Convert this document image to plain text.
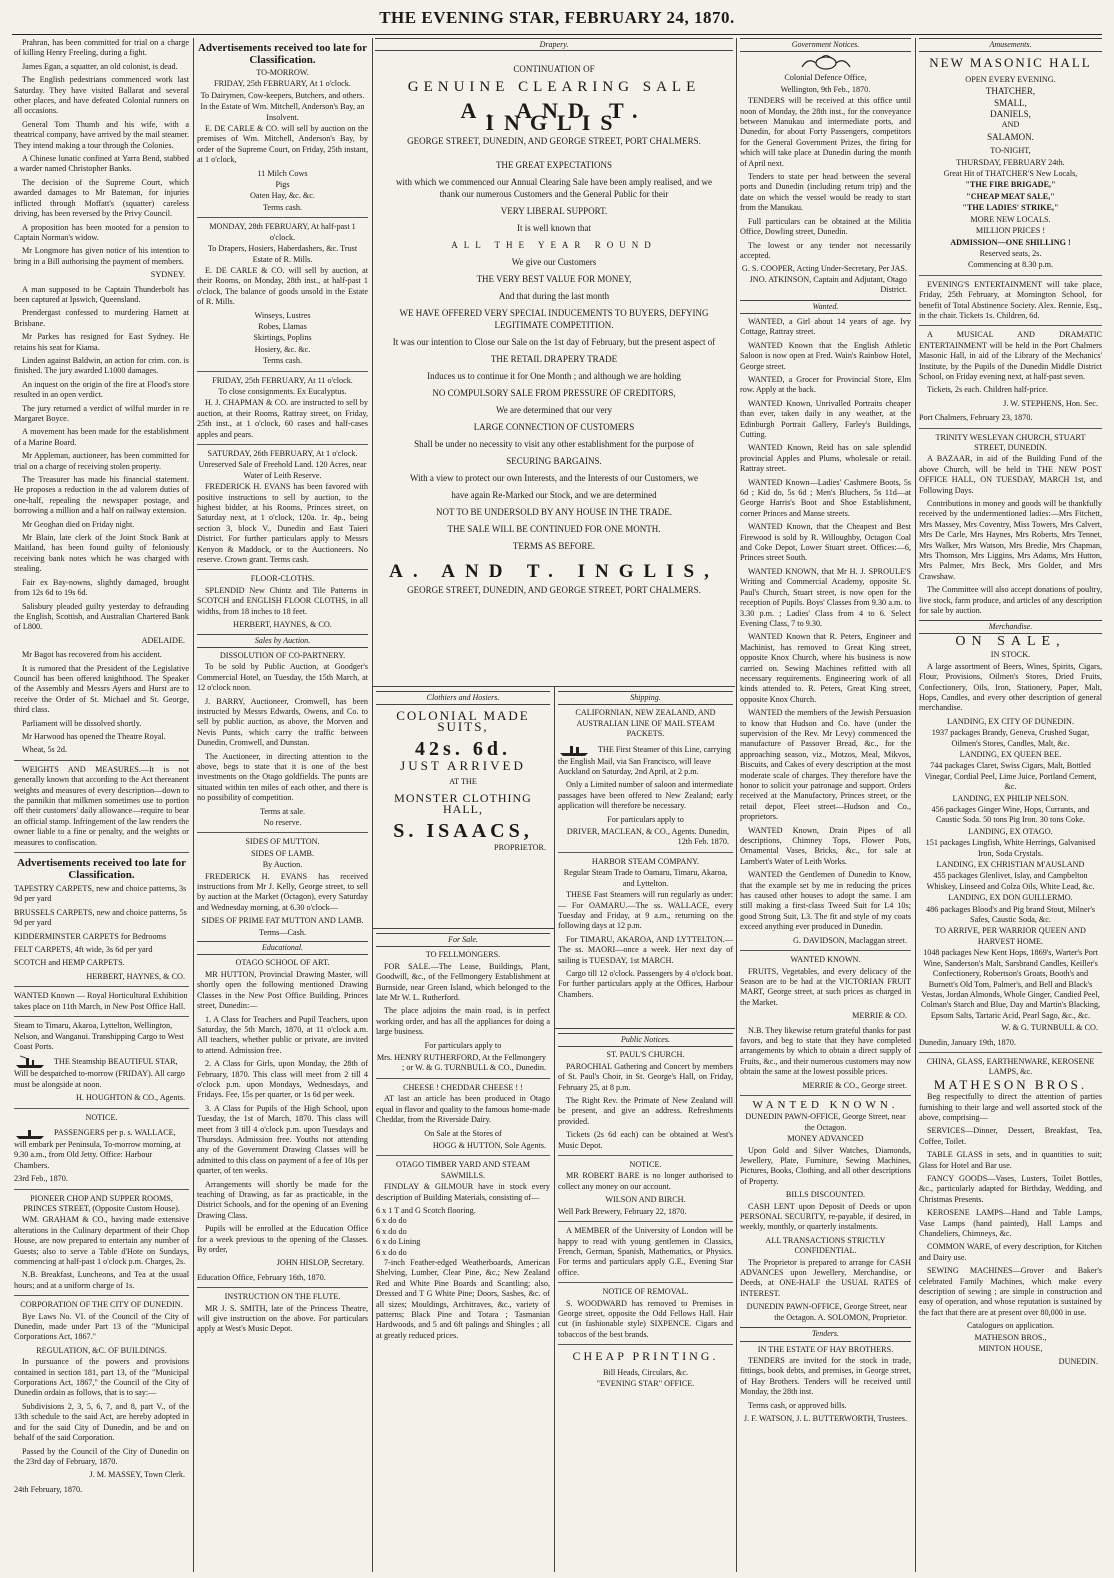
THE EVENING STAR, FEBRUARY 24, 1870.

Prahran, has been committed for trial on a charge of killing Henry Freeling, during a fight.

James Egan, a squatter, an old colonist, is dead.

The English pedestrians commenced work last Saturday. They have visited Ballarat and several other places, and have defeated Colonial runners on all occasions.

General Tom Thumb and his wife, with a theatrical company, have arrived by the mail steamer. They intend making a tour through the Colonies.

A Chinese lunatic confined at Yarra Bend, stabbed a warder named Christopher Banks.

The decision of the Supreme Court, which awarded damages to Mr Bateman, for injuries inflicted through Moffatt's (squatter) careless driving, has been reversed by the Privy Council.

A proposition has been mooted for a pension to Captain Norman's widow.

Mr Longmore has given notice of his intention to bring in a Bill authorising the payment of members.

SYDNEY.

A man supposed to be Captain Thunderbolt has been captured at Ipswich, Queensland.

Prendergast confessed to murdering Harnett at Brisbane.

Mr Parkes has resigned for East Sydney. He retains his seat for Kiama.

Linden against Baldwin, an action for crim. con. is finished. The jury awarded L1000 damages.

An inquest on the origin of the fire at Flood's store resulted in an open verdict.

The jury returned a verdict of wilful murder in re Margaret Boyce.

A movement has been made for the establishment of a Marine Board.

Mr Appleman, auctioneer, has been committed for trial on a charge of receiving stolen property.

The Treasurer has made his financial statement. He proposes a reduction in the ad valorem duties of one-half, repealing the newspaper postage, and borrowing a million and a half on railway extension.

Mr Geoghan died on Friday night.

Mr Blain, late clerk of the Joint Stock Bank at Maitland, has been found guilty of feloniously receiving bank notes which he was charged with stealing.

Fair ex Bay-nowns, slightly damaged, brought from 12s 6d to 19s 6d.

Salisbury pleaded guilty yesterday to defrauding the English, Scottish, and Australian Chartered Bank of L800.

ADELAIDE.

Mr Bagot has recovered from his accident.

It is rumored that the President of the Legislative Council has been offered knighthood. The Speaker of the Assembly and Messrs Ayers and Hurst are to receive the Order of St. Michael and St. George, third class.

Parliament will be dissolved shortly.

Mr Harwood has opened the Theatre Royal.

Wheat, 5s 2d.

WEIGHTS AND MEASURES.—It is not generally known that according to the Act thereanent weights and measures of every description—down to the pannikin that milkmen sometimes use to portion off their customers' daily allowance—require to bear an official stamp. Infringement of the law renders the owner liable to a fine or penalty, and the weights or measures to confiscation.

Advertisements received too late for Classification.
TAPESTRY CARPETS, new and choice patterns, 3s 9d per yard
BRUSSELS CARPETS, new and choice patterns, 5s 9d per yard
KIDDERMINSTER CARPETS for Bedrooms
FELT CARPETS, 4ft wide, 3s 6d per yard
SCOTCH and HEMP CARPETS.
HERBERT, HAYNES, & CO.
WANTED Known — Royal Horticultural Exhibition takes place on 11th March, in New Post Office Hall.
Steam to Timaru, Akaroa, Lyttelton, Wellington, Nelson, and Wanganui. Transhipping Cargo to West Coast Ports.
THE Steamship BEAUTIFUL STAR, Will be despatched to-morrow (FRIDAY). All cargo must be alongside at noon.
H. HOUGHTON & CO., Agents.
NOTICE.
PASSENGERS per p. s. WALLACE, will embark per Peninsula, To-morrow morning, at 9.30 a.m., from Old Jetty. Office: Harbour Chambers.
23rd Feb., 1870.
PIONEER CHOP AND SUPPER ROOMS, PRINCES STREET, (Opposite Custom House).

WM. GRAHAM & CO., having made extensive alterations in the Culinary department of their Chop House, are now prepared to entertain any number of Guests; also to serve a Table d'Hote on Sundays, commencing at half-past 1 o'clock p.m. Charges, 2s.

N.B. Breakfast, Luncheons, and Tea at the usual hours; and at a uniform charge of 1s.

CORPORATION OF THE CITY OF DUNEDIN.

Bye Laws No. VI. of the Council of the City of Dunedin, made under Part 13 of the "Municipal Corporations Act, 1867."

REGULATION, &C. OF BUILDINGS.

In pursuance of the powers and provisions contained in section 181, part 13, of the "Municipal Corporations Act, 1867," the Council of the City of Dunedin ordain as follows, that is to say:—

Subdivisions 2, 3, 5, 6, 7, and 8, part V., of the 13th schedule to the said Act, are hereby adopted in and for the said City of Dunedin, and be and on behalf of the said Corporation.

Passed by the Council of the City of Dunedin on the 23rd day of February, 1870.

J. M. MASSEY, Town Clerk.
24th February, 1870.
Advertisements received too late for Classification.
TO-MORROW.
FRIDAY, 25th FEBRUARY, At 1 o'clock.
To Dairymen, Cow-keepers, Butchers, and others.
In the Estate of Wm. Mitchell, Anderson's Bay, an Insolvent.

E. DE CARLE & CO. will sell by auction on the premises of Wm. Mitchell, Anderson's Bay, by order of the Supreme Court, on Friday, 25th instant, at 1 o'clock,

11 Milch Cows
Pigs
Oaten Hay, &c. &c.
Terms cash.
MONDAY, 28th FEBRUARY, At half-past 1 o'clock.
To Drapers, Hosiers, Haberdashers, &c. Trust Estate of R. Mills.

E. DE CARLE & CO. will sell by auction, at their Rooms, on Monday, 28th inst., at half-past 1 o'clock, The balance of goods unsold in the Estate of R. Mills.

Winseys, Lustres
Robes, Llamas
Skirtings, Poplins
Hosiery, &c. &c.
Terms cash.
FRIDAY, 25th FEBRUARY, At 11 o'clock.
To close consignments. Ex Eucalyptus.

H. J. CHAPMAN & CO. are instructed to sell by auction, at their Rooms, Rattray street, on Friday, 25th inst., at 1 o'clock, 60 cases and half-cases apples and pears.

SATURDAY, 26th FEBRUARY, At 1 o'clock.
Unreserved Sale of Freehold Land. 120 Acres, near Water of Leith Reserve.

FREDERICK H. EVANS has been favored with positive instructions to sell by auction, to the highest bidder, at his Rooms, Princes street, on Saturday next, at 1 o'clock, 120a. 1r. 4p., being section 3, block V., Dunedin and East Taieri District. For further particulars apply to Messrs Kenyon & Maddock, or to the Auctioneers. No reserve. Crown grant. Terms cash.

FLOOR-CLOTHS.

SPLENDID New Chintz and Tile Patterns in SCOTCH and ENGLISH FLOOR CLOTHS, in all widths, from 18 inches to 18 feet.

HERBERT, HAYNES, & CO.
Sales by Auction.
DISSOLUTION OF CO-PARTNERY.

To be sold by Public Auction, at Goodger's Commercial Hotel, on Tuesday, the 15th March, at 12 o'clock noon.

J. BARRY, Auctioneer, Cromwell, has been instructed by Messrs Edwards, Owens, and Co. to sell by public auction, as above, the Morven and Nevis Punts, which carry the traffic between Dunedin, Cromwell, and Dunstan.

The Auctioneer, in directing attention to the above, begs to state that it is one of the best investments on the Otago goldfields. The punts are situated within ten miles of each other, and there is no possibility of competition.

Terms at sale.
No reserve.
SIDES OF MUTTON.
SIDES OF LAMB.
By Auction.

FREDERICK H. EVANS has received instructions from Mr J. Kelly, George street, to sell by auction at the Market (Octagon), every Saturday and Wednesday morning, at 6.30 o'clock—

SIDES OF PRIME FAT MUTTON AND LAMB.
Terms—Cash.
Educational.
OTAGO SCHOOL OF ART.

MR HUTTON, Provincial Drawing Master, will shortly open the following mentioned Drawing Classes in the New Post Office Building, Princes street, Dunedin:—

1. A Class for Teachers and Pupil Teachers, upon Saturday, the 5th March, 1870, at 11 o'clock a.m. All teachers, whether public or private, are invited to attend. Admission free.

2. A Class for Girls, upon Monday, the 28th of February, 1870. This class will meet from 2 till 4 o'clock p.m. upon Mondays, Wednesdays, and Fridays. Fee, 15s per quarter, or 1s 6d per week.

3. A Class for Pupils of the High School, upon Tuesday, the 1st of March, 1870. This class will meet from 3 till 4 o'clock p.m. upon Tuesdays and Thursdays. Admission free. Youths not attending any of the Government Drawing Classes will be admitted to this class on payment of a fee of 10s per quarter, of ten weeks.

Arrangements will shortly be made for the teaching of Drawing, as far as practicable, in the District Schools, and for the opening of an Evening Drawing Class.

Pupils will be enrolled at the Education Office for a week previous to the opening of the Classes. By order,

JOHN HISLOP, Secretary.
Education Office, February 16th, 1870.
INSTRUCTION ON THE FLUTE.

MR J. S. SMITH, late of the Princess Theatre, will give instruction on the above. For particulars apply at West's Music Depot.

Drapery.

CONTINUATION OF

GENUINE CLEARING SALE
A. AND T. INGLIS

GEORGE STREET, DUNEDIN, AND GEORGE STREET, PORT CHALMERS.

THE GREAT EXPECTATIONS

with which we commenced our Annual Clearing Sale have been amply realised, and we thank our numerous Customers and the General Public for their

VERY LIBERAL SUPPORT.

It is well known that

ALL THE YEAR ROUND

We give our Customers

THE VERY BEST VALUE FOR MONEY,

And that during the last month

WE HAVE OFFERED VERY SPECIAL INDUCEMENTS TO BUYERS, DEFYING LEGITIMATE COMPETITION.

It was our intention to Close our Sale on the 1st day of February, but the present aspect of

THE RETAIL DRAPERY TRADE

Induces us to continue it for One Month ; and although we are holding

NO COMPULSORY SALE FROM PRESSURE OF CREDITORS,

We are determined that our very

LARGE CONNECTION OF CUSTOMERS

Shall be under no necessity to visit any other establishment for the purpose of

SECURING BARGAINS.

With a view to protect our own Interests, and the Interests of our Customers, we

have again Re-Marked our Stock, and we are determined

NOT TO BE UNDERSOLD BY ANY HOUSE IN THE TRADE.

THE SALE WILL BE CONTINUED FOR ONE MONTH.

TERMS AS BEFORE.

A. AND T. INGLIS,

GEORGE STREET, DUNEDIN, AND GEORGE STREET, PORT CHALMERS.

Clothiers and Hosiers.
COLONIAL MADE SUITS,
42s. 6d.
JUST ARRIVED
AT THE
MONSTER CLOTHING HALL,
S. ISAACS,
PROPRIETOR.
Shipping.
CALIFORNIAN, NEW ZEALAND, AND AUSTRALIAN LINE OF MAIL STEAM PACKETS.
THE First Steamer of this Line, carrying the English Mail, via San Francisco, will leave Auckland on Saturday, 2nd April, at 2 p.m.

Only a Limited number of saloon and intermediate passages have been offered to New Zealand; early application will therefore be necessary.

For particulars apply to
DRIVER, MACLEAN, & CO., Agents. Dunedin, 12th Feb. 1870.
HARBOR STEAM COMPANY.
Regular Steam Trade to Oamaru, Timaru, Akaroa, and Lyttelton.

THESE Fast Steamers will run regularly as under:— For OAMARU.—The ss. WALLACE, every Tuesday and Friday, at 9 a.m., returning on the following days at 12 p.m.

For TIMARU, AKAROA, AND LYTTELTON.—The ss. MAORI—once a week. Her next day of sailing is TUESDAY, 1st MARCH.

Cargo till 12 o'clock. Passengers by 4 o'clock boat. For further particulars apply at the Offices, Harbour Chambers.

For Sale.
TO FELLMONGERS.

FOR SALE.—The Lease, Buildings, Plant, Goodwill, &c., of the Fellmongery Establishment at Burnside, near Green Island, which belonged to the late Mr W. L. Rutherford.

The place adjoins the main road, is in perfect working order, and has all the appliances for doing a large business.

For particulars apply to
Mrs. HENRY RUTHERFORD, At the Fellmongery ; or W. & G. TURNBULL & CO., Dunedin.
CHEESE ! CHEDDAR CHEESE ! !

AT last an article has been produced in Otago equal in flavor and quality to the famous home-made Cheddar, from the Riverside Dairy.

On Sale at the Stores of
HOGG & HUTTON, Sole Agents.
OTAGO TIMBER YARD AND STEAM SAWMILLS.

FINDLAY & GILMOUR have in stock every description of Building Materials, consisting of—

6 x 1 T and G Scotch flooring.
6 x do do
6 x do do
6 x do Lining
6 x do do

7-inch Feather-edged Weatherboards, American Shelving, Lumber, Clear Pine, &c.; New Zealand Red and White Pine Boards and Scantling; also, Dressed and T G White Pine; Doors, Sashes, &c. of all sizes; Mouldings, Architraves, &c., variety of patterns; Black Pine and Totara ; Tasmanian Hardwoods, and 5 and 6ft palings and Shingles ; all at greatly reduced prices.

Public Notices.
ST. PAUL'S CHURCH.

PAROCHIAL Gathering and Concert by members of St. Paul's Choir, in St. George's Hall, on Friday, February 25, at 8 p.m.

The Right Rev. the Primate of New Zealand will be present, and give an address. Refreshments provided.

Tickets (2s 6d each) can be obtained at West's Music Depot.

NOTICE.

MR ROBERT BARE is no longer authorised to collect any money on our account.

WILSON AND BIRCH.
Well Park Brewery, February 22, 1870.

A MEMBER of the University of London will be happy to read with young gentlemen in Classics, French, German, Spanish, Mathematics, or Physics. For terms and particulars apply G.E., Evening Star office.

NOTICE OF REMOVAL.

S. WOODWARD has removed to Premises in George street, opposite the Odd Fellows Hall. Hair cut (in fashionable style) SIXPENCE. Cigars and tobaccos of the best brands.

CHEAP PRINTING.
Bill Heads, Circulars, &c.
"EVENING STAR" OFFICE.
Government Notices.
Colonial Defence Office,
Wellington, 9th Feb., 1870.

TENDERS will be received at this office until noon of Monday, the 28th inst., for the conveyance between Manukau and intermediate ports, and Dunedin, for about Forty Passengers, competitors for the General Government Prizes, the firing for which will take place at Dunedin during the month of April next.

Tenders to state per head between the several ports and Dunedin (including return trip) and the date on which the vessel would be ready to start from the Manukau.

Full particulars can be obtained at the Militia Office, Dowling street, Dunedin.

The lowest or any tender not necessarily accepted.

G. S. COOPER, Acting Under-Secretary, Per JAS. JNO. ATKINSON, Captain and Adjutant, Otago District.
Wanted.

WANTED, a Girl about 14 years of age. Ivy Cottage, Rattray street.

WANTED Known that the English Athletic Saloon is now open at Fred. Wain's Rainbow Hotel, George street.

WANTED, a Grocer for Provincial Store, Elm row. Apply at the back.

WANTED Known, Unrivalled Portraits cheaper than ever, taken daily in any weather, at the Edinburgh Portrait Gallery, Farley's Buildings, Cutting.

WANTED Known, Reid has on sale splendid provincial Apples and Plums, wholesale or retail. Rattray street.

WANTED Known—Ladies' Cashmere Boots, 5s 6d ; Kid do, 5s 6d ; Men's Bluchers, 5s 11d—at George Harris's Boot and Shoe Establishment, corner Princes and Manse streets.

WANTED Known, that the Cheapest and Best Firewood is sold by R. Willoughby, Octagon Coal and Coke Depot, Lower Stuart street. Offices:—6, Princes street South.

WANTED KNOWN, that Mr H. J. SPROULE'S Writing and Commercial Academy, opposite St. Paul's Church, Stuart street, is now open for the reception of Pupils. Boys' Classes from 9.30 a.m. to 3.30 p.m. ; Ladies' Class from 4 to 6. Select Evening Class, 7 to 9.30.

WANTED Known that R. Peters, Engineer and Machinist, has removed to Great King street, opposite Knox Church, where his business is now carried on. Sewing Machines refitted with all necessary requirements. Engineering work of all kinds attended to. R. Peters, Great King street, opposite Knox Church.

WANTED the members of the Jewish Persuasion to know that Hudson and Co. have (under the supervision of the Rev. Mr Levy) commenced the manufacture of Passover Bread, &c., for the approaching season, viz., Motzos, Meal, Mikvos, Biscuits, and Cakes of every description at the most moderate scale of charges. They therefore have the honor to solicit your patronage and support. Orders received at the Manufactory, Princes street, or the retail depot, Fleet street—Hudson and Co., proprietors.

WANTED Known, Drain Pipes of all descriptions, Chimney Tops, Flower Pots, Ornamental Vases, Bricks, &c., for sale at Lambert's Water of Leith Works.

WANTED the Gentlemen of Dunedin to Know, that the example set by me in reducing the prices has caused other houses to adopt the same. I am still making a first-class Tweed Suit for L4 10s; good Strong Suit, L3. The fit and style of my coats exceed anything ever produced in Dunedin.

G. DAVIDSON, Maclaggan street.
WANTED KNOWN.

FRUITS, Vegetables, and every delicacy of the Season are to be had at the VICTORIAN FRUIT MART, George street, at such prices as charged in the Market.

MERRIE & CO.

N.B. They likewise return grateful thanks for past favors, and beg to state that they have completed arrangements by which to obtain a direct supply of Fruits, &c., and their numerous customers may now obtain the same at the lowest possible prices.

MERRIE & CO., George street.
WANTED KNOWN.
DUNEDIN PAWN-OFFICE, George Street, near the Octagon.
MONEY ADVANCED

Upon Gold and Silver Watches, Diamonds, Jewellery, Plate, Furniture, Sewing Machines, Pictures, Books, Clothing, and all other descriptions of Property.

BILLS DISCOUNTED.

CASH LENT upon Deposit of Deeds or upon PERSONAL SECURITY, re-payable, if desired, in weekly, monthly, or quarterly instalments.

ALL TRANSACTIONS STRICTLY CONFIDENTIAL.

The Proprietor is prepared to arrange for CASH ADVANCES upon Jewellery, Merchandise, or Deeds, at ONE-HALF the USUAL RATES of INTEREST.

DUNEDIN PAWN-OFFICE, George Street, near the Octagon. A. SOLOMON, Proprietor.
Tenders.
IN THE ESTATE OF HAY BROTHERS.

TENDERS are invited for the stock in trade, fittings, book debts, and premises, in George street, of Hay Brothers. Tenders will be received until Monday, the 28th inst.

Terms cash, or approved bills.

J. F. WATSON, J. L. BUTTERWORTH, Trustees.
Amusements.
NEW MASONIC HALL
OPEN EVERY EVENING.
THATCHER,
SMALL,
DANIELS,
AND
SALAMON.
TO-NIGHT,
THURSDAY, FEBRUARY 24th.
Great Hit of THATCHER'S New Locals,
"THE FIRE BRIGADE,"
"CHEAP MEAT SALE,"
"THE LADIES' STRIKE,"
MORE NEW LOCALS.
MILLION PRICES !
ADMISSION—ONE SHILLING !
Reserved seats, 2s.
Commencing at 8.30 p.m.

EVENING'S ENTERTAINMENT will take place, Friday, 25th February, at Mornington School, for benefit of Total Abstinence Society. Alex. Rennie, Esq., in the chair. Tickets 1s. Children, 6d.

A MUSICAL AND DRAMATIC ENTERTAINMENT will be held in the Port Chalmers Masonic Hall, in aid of the Library of the Mechanics' Institute, by the Pupils of the Dunedin Middle District School, on Friday evening next, at half-past seven.

Tickets, 2s each. Children half-price.

J. W. STEPHENS, Hon. Sec.
Port Chalmers, February 23, 1870.
TRINITY WESLEYAN CHURCH, STUART STREET, DUNEDIN.

A BAZAAR, in aid of the Building Fund of the above Church, will be held in THE NEW POST OFFICE HALL, ON TUESDAY, MARCH 1st, and Following Days.

Contributions in money and goods will be thankfully received by the undermentioned ladies:—Mrs Fitchett, Mrs Massey, Mrs Coventry, Miss Towers, Mrs Calvert, Mrs De Carle, Mrs Haynes, Mrs Roberts, Mrs Tennet, Mrs Walker, Mrs Watson, Mrs Bredie, Mrs Chapman, Mrs Thomson, Mrs Liggins, Mrs Adams, Mrs Hutton, Mrs Palmer, Mrs Beck, Mrs Golder, and Mrs Crawshaw.

The Committee will also accept donations of poultry, live stock, farm produce, and articles of any description for sale by auction.

Merchandise.
ON SALE,
IN STOCK.

A large assortment of Beers, Wines, Spirits, Cigars, Flour, Provisions, Oilmen's Stores, Dried Fruits, Confectionery, Oils, Iron, Stationery, Paper, Malt, Hops, Candles, and every other description of general merchandise.

LANDING, EX CITY OF DUNEDIN.
1937 packages Brandy, Geneva, Crushed Sugar, Oilmen's Stores, Candles, Malt, &c.
LANDING, EX QUEEN BEE.
744 packages Claret, Swiss Cigars, Malt, Bottled Vinegar, Cordial Peel, Lime Juice, Portland Cement, &c.
LANDING, EX PHILIP NELSON.
456 packages Ginger Wine, Hops, Currants, and Caustic Soda. 50 tons Pig Iron. 30 tons Coke.
LANDING, EX OTAGO.
151 packages Lingfish, White Herrings, Galvanised Iron, Soda Crystals.
LANDING, EX CHRISTIAN M'AUSLAND
455 packages Glenlivet, Islay, and Campbelton Whiskey, Linseed and Colza Oils, White Lead, &c.
LANDING, EX DON GUILLERMO.
486 packages Blood's and Pig brand Stout, Milner's Safes, Caustic Soda, &c.
TO ARRIVE, PER WARRIOR QUEEN AND HARVEST HOME.
1048 packages New Kent Hops, 1869's, Warter's Port Wine, Sanderson's Malt, Sarsbrand Candles, Keiller's Confectionery, Robertson's Groats, Booth's and Burnett's Old Tom, Palmer's, and Bell and Black's Vestas, Jordan Almonds, Whole Ginger, Candied Peel, Colman's Starch and Blue, Day and Martin's Blacking, Epsom Salts, Tartaric Acid, Pearl Sago, &c., &c.
W. & G. TURNBULL & CO.
Dunedin, January 19th, 1870.
CHINA, GLASS, EARTHENWARE, KEROSENE LAMPS, &c.
MATHESON BROS.

Beg respectfully to direct the attention of parties furnishing to their large and well assorted stock of the above, comprising—

SERVICES—Dinner, Dessert, Breakfast, Tea, Coffee, Toilet.

TABLE GLASS in sets, and in quantities to suit; Glass for Hotel and Bar use.

FANCY GOODS—Vases, Lusters, Toilet Bottles, &c., particularly adapted for Birthday, Wedding, and Christmas Presents.

KEROSENE LAMPS—Hand and Table Lamps, Vase Lamps (hand painted), Hall Lamps and Chandeliers, Chimneys, &c.

COMMON WARE, of every description, for Kitchen and Dairy use.

SEWING MACHINES—Grover and Baker's celebrated Family Machines, which make every description of sewing ; are simple in construction and easy of operation, and whose reputation is sustained by the fact that there are at present over 80,000 in use.

Catalogues on application.
MATHESON BROS.,
MINTON HOUSE,
DUNEDIN.
